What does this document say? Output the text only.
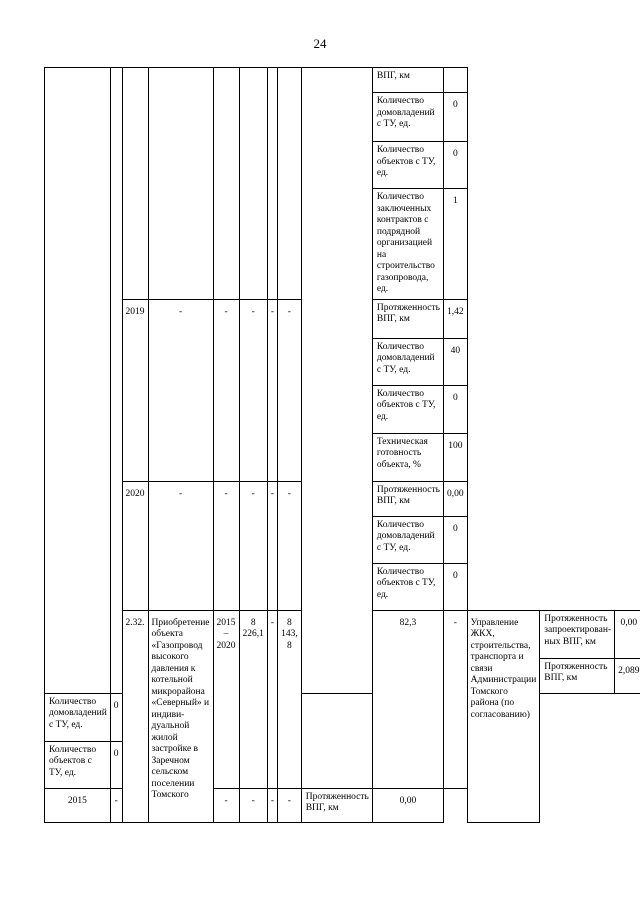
24
									ВПГ, км				
									Количество домовладений с ТУ, ед.	0			
									Количество объектов с ТУ, ед.	0			
									Количество заключенных контрактов с подрядной организацией на строительство газопровода, ед.	1			
		2019	-	-	-	-	-		Протяженность ВПГ, км	1,42			
									Количество домовладений с ТУ, ед.	40			
									Количество объектов с ТУ, ед.	0			
									Техническая готовность объекта, %	100			
		2020	-	-	-	-	-		Протяженность ВПГ, км	0,00			
									Количество домовладений с ТУ, ед.	0			
									Количество объектов с ТУ, ед.	0			
		2.32.	Приобретение объекта «Газопровод высокого давления к котельной микрорайона «Северный» и индиви-дуальной жилой застройке в Заречном сельском поселении Томского	2015 – 2020	8 226,1	-	8 143, 8		82,3	-	Управление ЖКХ, строительства, транспорта и связи Администрации Томского района (по согласованию)	Протяженность запроектирован-ных ВПГ, км	0,00
												Протяженность ВПГ, км	2,089
Количество домовладений с ТУ, ед.	0												
Количество объектов с ТУ, ед.	0												
2015	-			-	-	-	-	Протяженность ВПГ, км	0,00				
